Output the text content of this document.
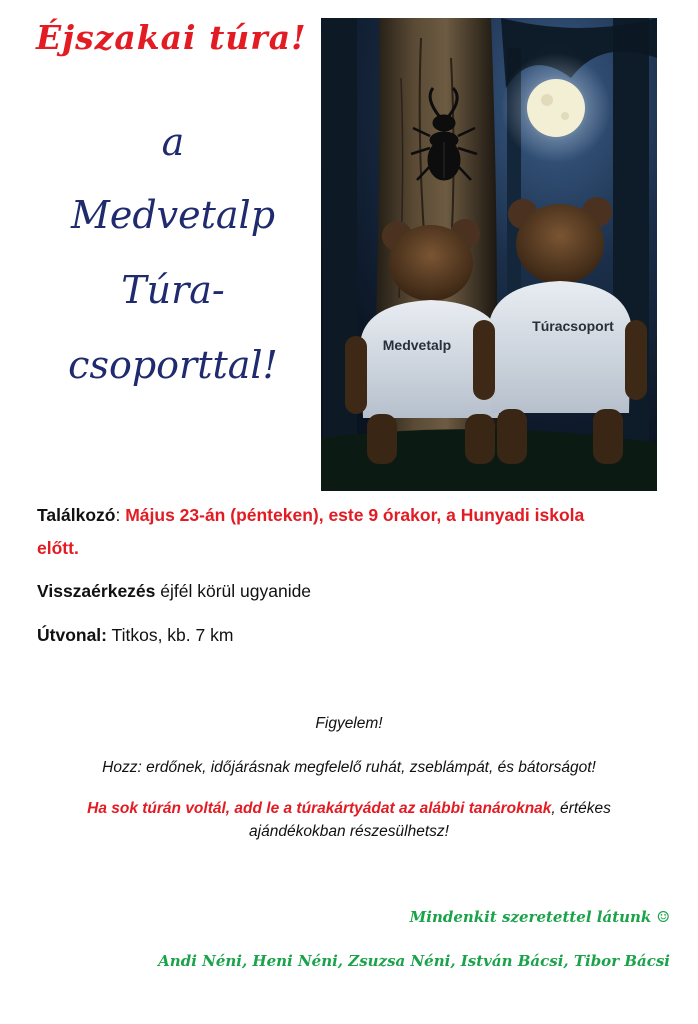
Éjszakai túra!
a
Medvetalp
Túra-
csoporttal!	Medvetalp
Túracsoport
Találkozó: Május 23-án (pénteken), este 9 órakor, a Hunyadi iskola
előtt.
Visszaérkezés éjfél körül ugyanide
Útvonal: Titkos, kb. 7 km
Figyelem!
Hozz: erdőnek, időjárásnak megfelelő ruhát, zseblámpát, és bátorságot!
Ha sok túrán voltál, add le a túrakártyádat az alábbi tanároknak, értékes
ajándékokban részesülhetsz!
Mindenkit szeretettel látunk ☺
Andi Néni, Heni Néni, Zsuzsa Néni, István Bácsi, Tibor Bácsi
